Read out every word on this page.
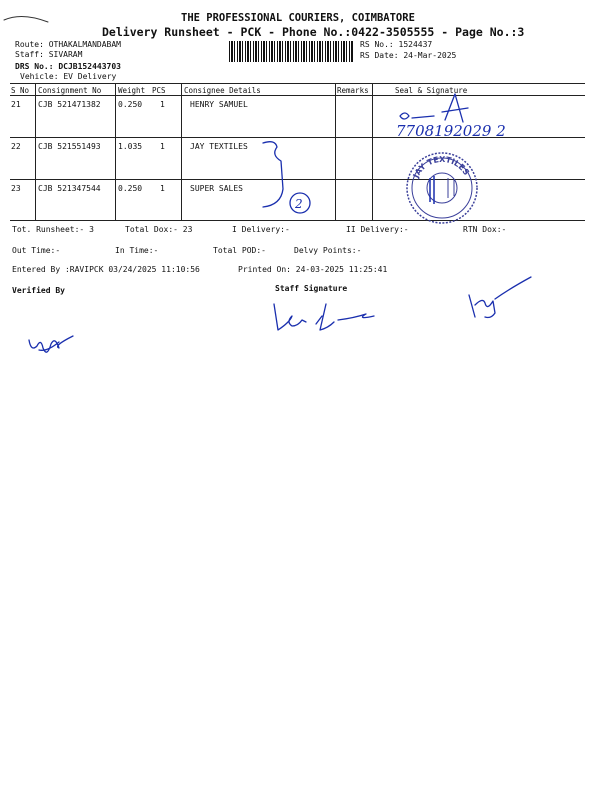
THE PROFESSIONAL COURIERS, COIMBATORE
Delivery Runsheet - PCK - Phone No.:0422-3505555 - Page No.:3
Route: OTHAKALMANDABAM
Staff: SIVARAM
DRS No.: DCJB152443703
Vehicle: EV Delivery
RS No.: 1524437
RS Date: 24-Mar-2025
S No Consignment No Weight PCS Consignee Details	Remarks	Seal & Signature
21 CJB 521471382 0.250 1	HENRY SAMUEL
22 CJB 521551493 1.035 1	JAY TEXTILES
23 CJB 521347544 0.250 1	SUPER SALES
7708192029 2
2
JAY TEXTILES
Tot. Runsheet:- 3	Total Dox:- 23	I Delivery:-	II Delivery:-	RTN Dox:-
Out Time:-	In Time:-	Total POD:-	Delvy Points:-
Entered By :RAVIPCK 03/24/2025 11:10:56	Printed On: 24-03-2025 11:25:41
Verified By	Staff Signature
